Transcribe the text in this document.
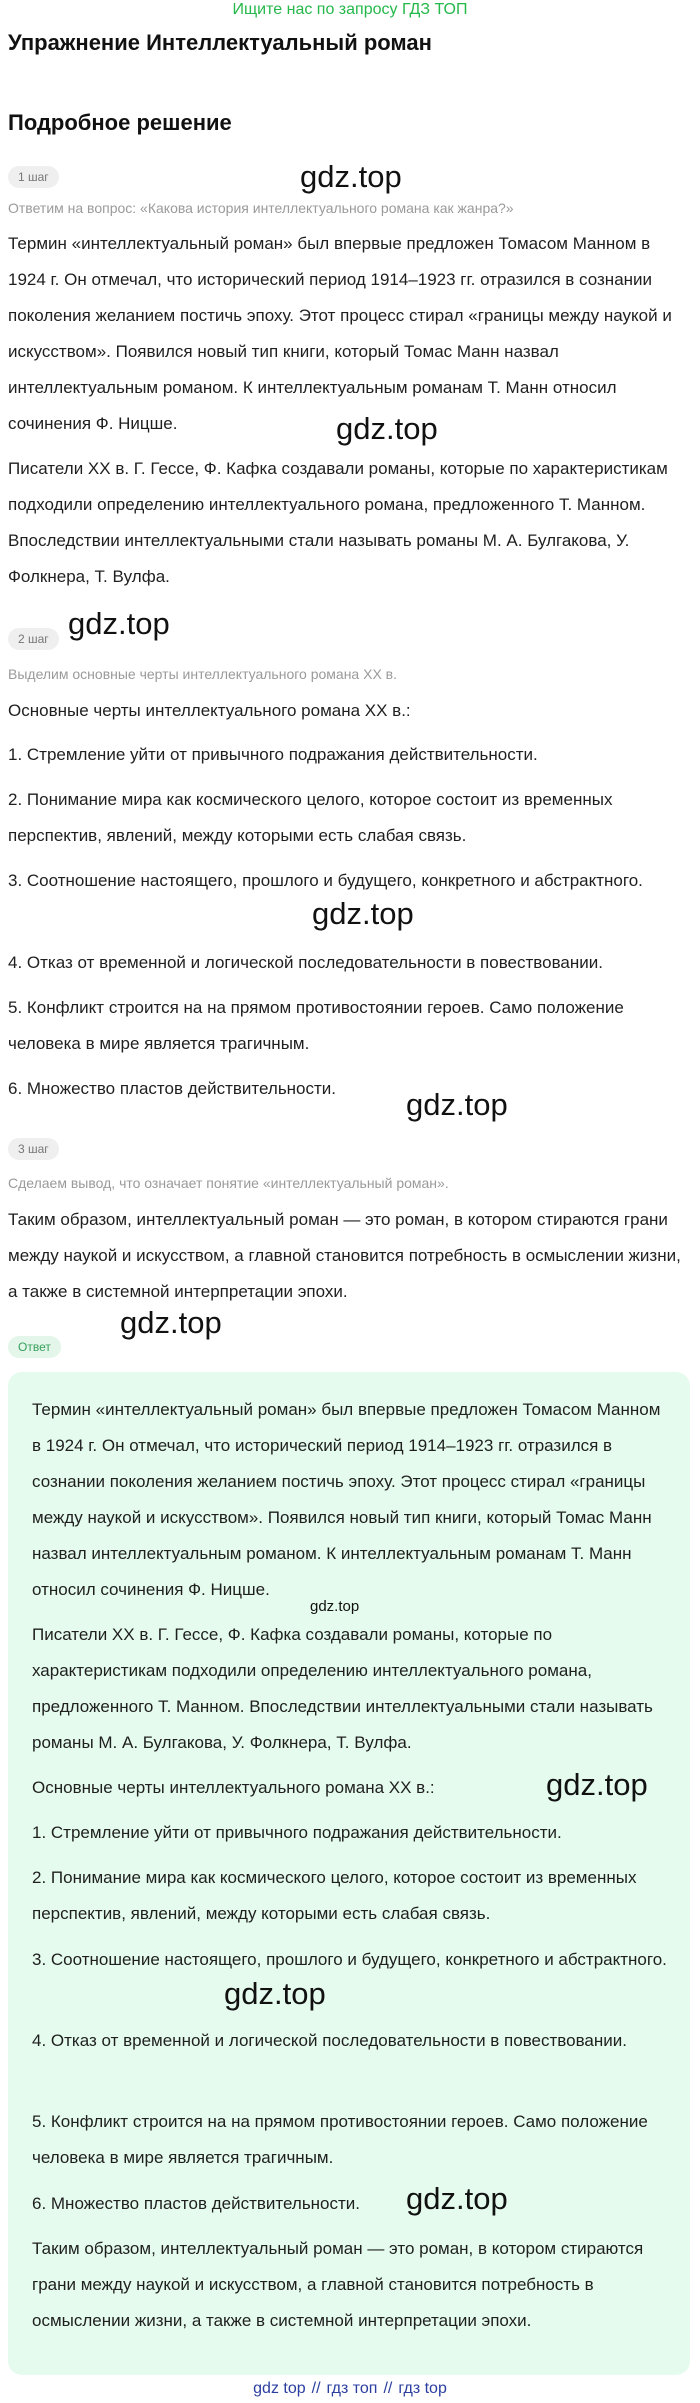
Ищите нас по запросу ГДЗ ТОП
Упражнение Интеллектуальный роман
Подробное решение
1 шаг	gdz.top
Ответим на вопрос: «Какова история интеллектуального романа как жанра?»

Термин «интеллектуальный роман» был впервые предложен Томасом Манном в 1924 г. Он отмечал, что исторический период 1914–1923 гг. отразился в сознании поколения желанием постичь эпоху. Этот процесс стирал «границы между наукой и искусством». Появился новый тип книги, который Томас Манн назвал интеллектуальным романом. К интеллектуальным романам Т. Манн относил сочинения Ф. Ницше.	gdz.top

Писатели XX в. Г. Гессе, Ф. Кафка создавали романы, которые по характеристикам подходили определению интеллектуального романа, предложенного Т. Манном. Впоследствии интеллектуальными стали называть романы М. А. Булгакова, У. Фолкнера, Т. Вулфа.

2 шаг gdz.top
Выделим основные черты интеллектуального романа XX в.

Основные черты интеллектуального романа XX в.:

1. Стремление уйти от привычного подражания действительности.

2. Понимание мира как космического целого, которое состоит из временных перспектив, явлений, между которыми есть слабая связь.

3. Соотношение настоящего, прошлого и будущего, конкретного и абстрактного.

gdz.top

4. Отказ от временной и логической последовательности в повествовании.

5. Конфликт строится на на прямом противостоянии героев. Само положение человека в мире является трагичным.

6. Множество пластов действительности.	gdz.top
3 шаг
Сделаем вывод, что означает понятие «интеллектуальный роман».

Таким образом, интеллектуальный роман — это роман, в котором стираются грани между наукой и искусством, а главной становится потребность в осмыслении жизни, а также в системной интерпретации эпохи.

gdz.top
Ответ

Термин «интеллектуальный роман» был впервые предложен Томасом Манном в 1924 г. Он отмечал, что исторический период 1914–1923 гг. отразился в сознании поколения желанием постичь эпоху. Этот процесс стирал «границы между наукой и искусством». Появился новый тип книги, который Томас Манн назвал интеллектуальным романом. К интеллектуальным романам Т. Манн относил сочинения Ф. Ницше.

gdz.top

Писатели XX в. Г. Гессе, Ф. Кафка создавали романы, которые по характеристикам подходили определению интеллектуального романа, предложенного Т. Манном. Впоследствии интеллектуальными стали называть романы М. А. Булгакова, У. Фолкнера, Т. Вулфа.

Основные черты интеллектуального романа XX в.:	gdz.top

1. Стремление уйти от привычного подражания действительности.

2. Понимание мира как космического целого, которое состоит из временных перспектив, явлений, между которыми есть слабая связь.

3. Соотношение настоящего, прошлого и будущего, конкретного и абстрактного.

gdz.top

4. Отказ от временной и логической последовательности в повествовании.

5. Конфликт строится на на прямом противостоянии героев. Само положение человека в мире является трагичным.

6. Множество пластов действительности.	gdz.top

Таким образом, интеллектуальный роман — это роман, в котором стираются грани между наукой и искусством, а главной становится потребность в осмыслении жизни, а также в системной интерпретации эпохи.

gdz top // гдз топ // гдз top
